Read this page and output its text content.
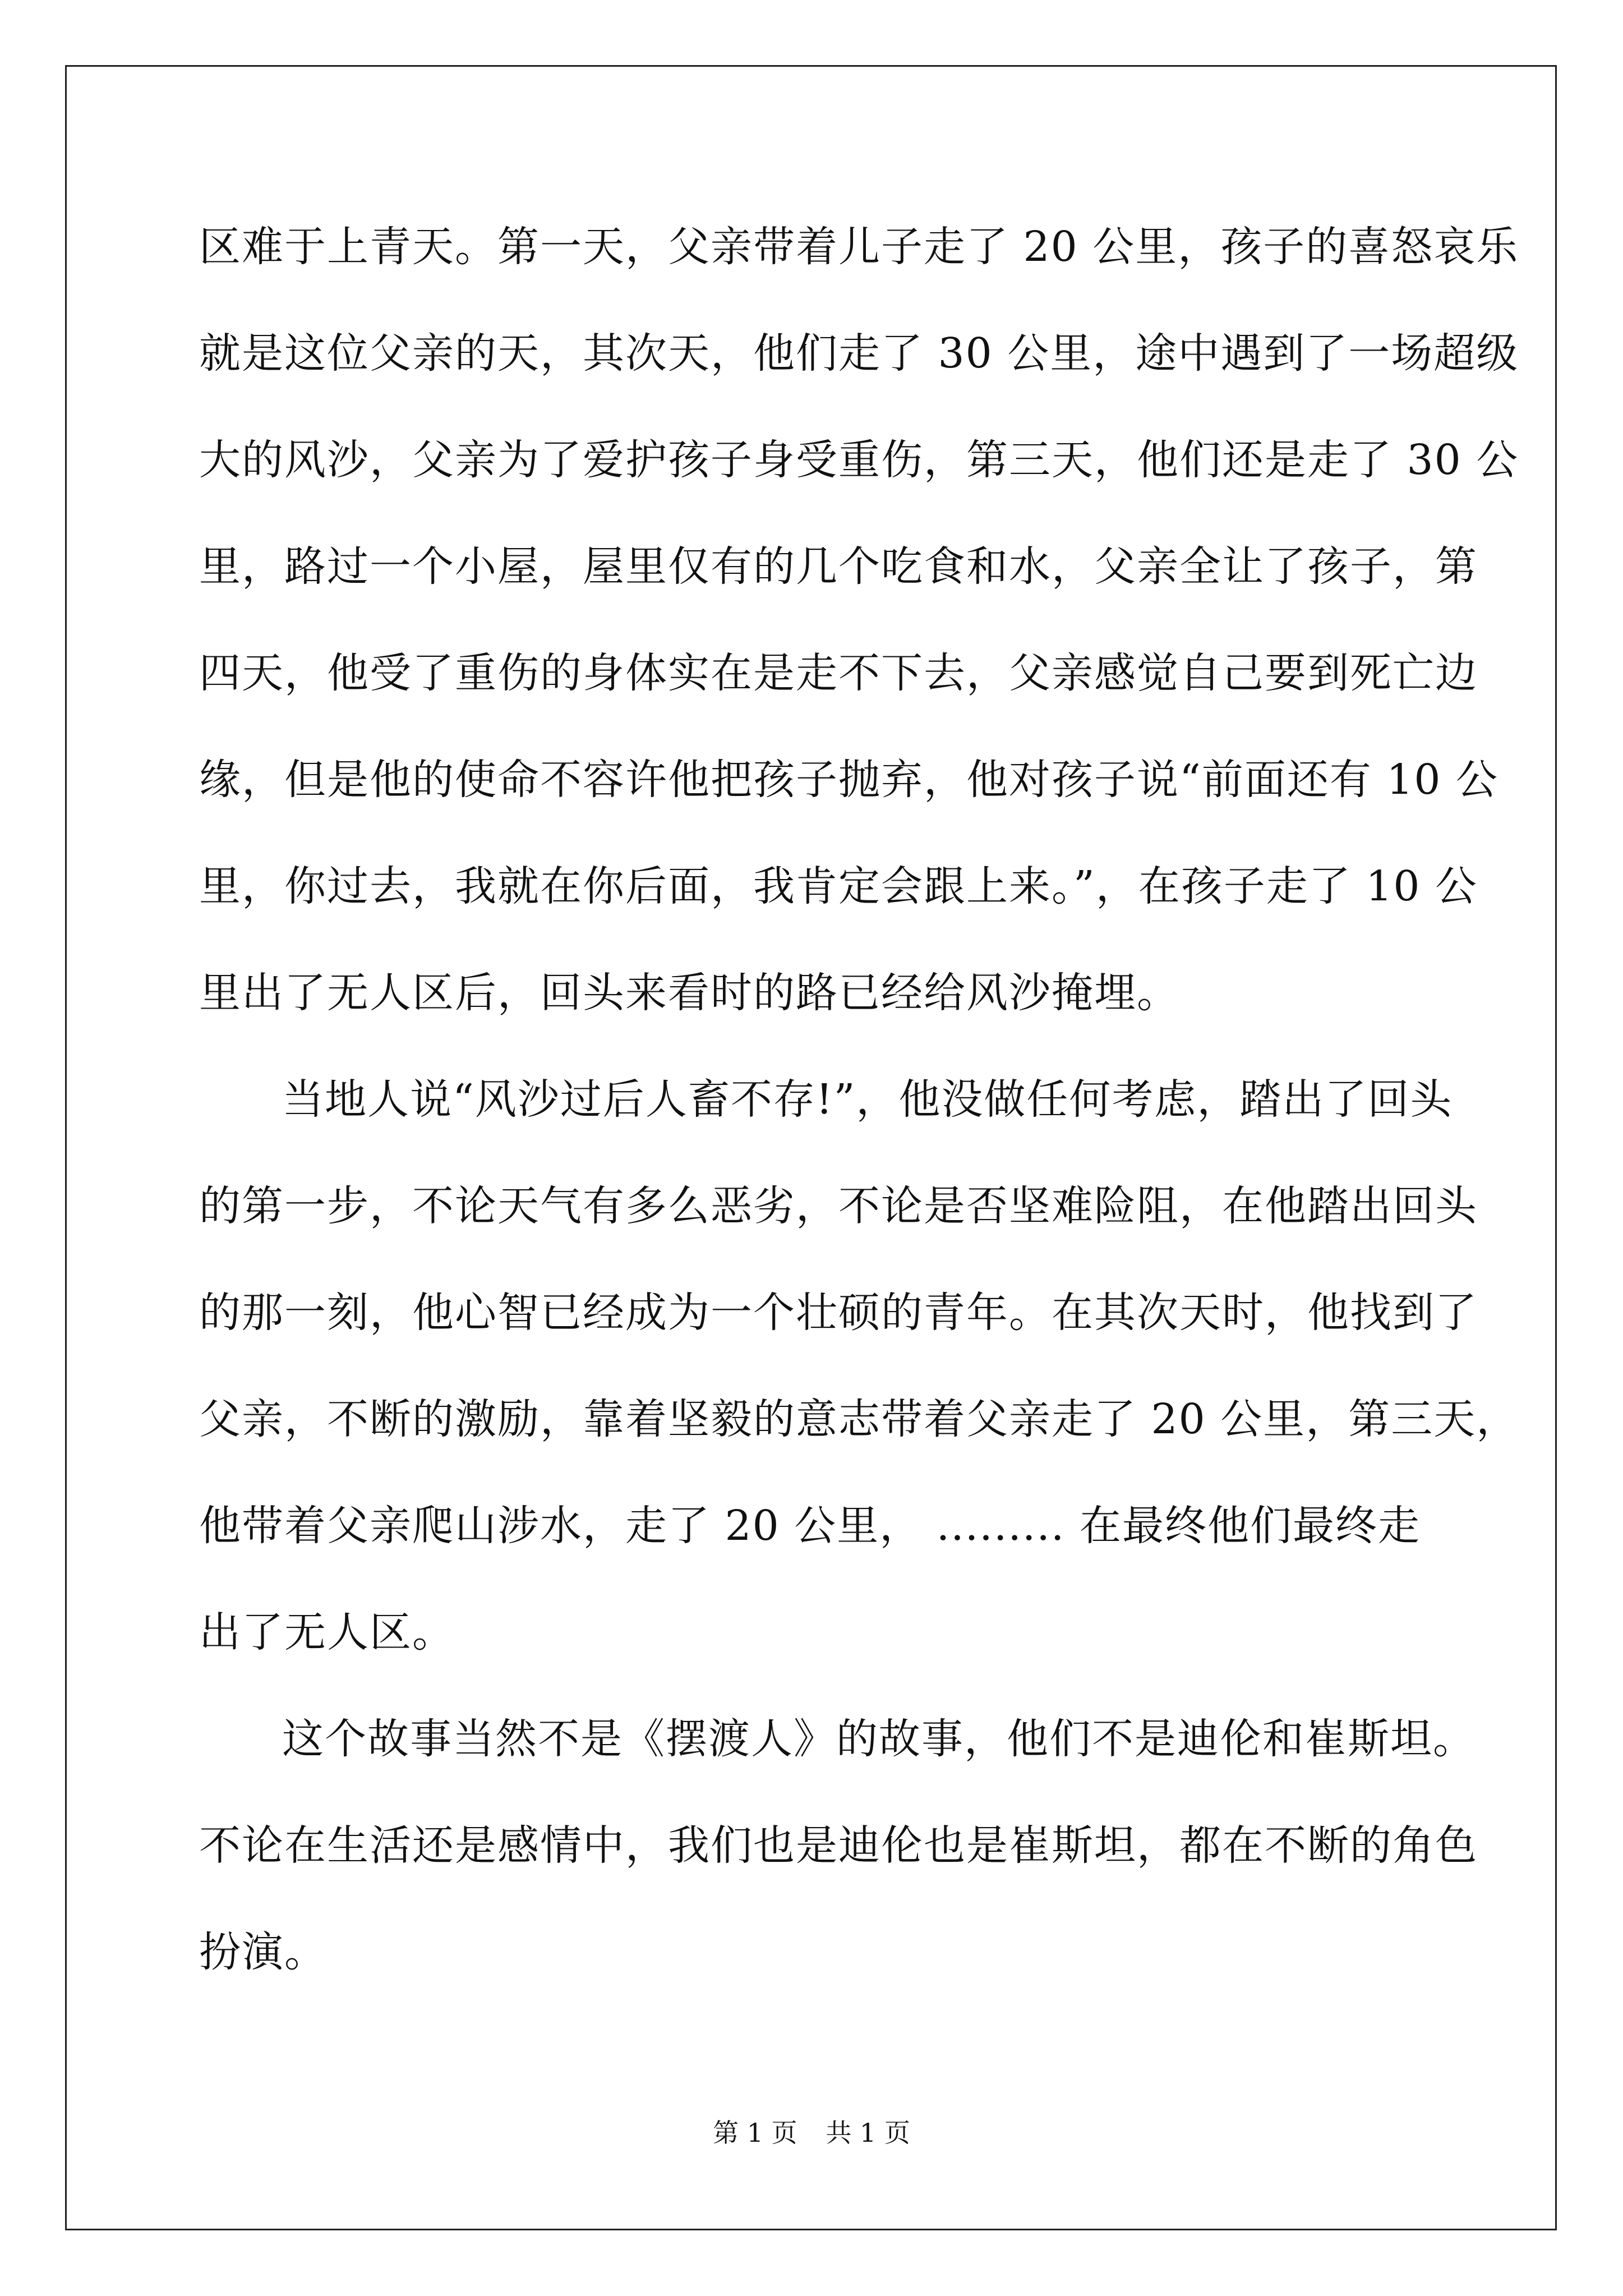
区难于上青天。第一天，父亲带着儿子走了 20 公里，孩子的喜怒哀乐
就是这位父亲的天，其次天，他们走了 30 公里，途中遇到了一场超级
大的风沙，父亲为了爱护孩子身受重伤，第三天，他们还是走了 30 公
里，路过一个小屋，屋里仅有的几个吃食和水，父亲全让了孩子，第
四天，他受了重伤的身体实在是走不下去，父亲感觉自己要到死亡边
缘，但是他的使命不容许他把孩子抛弃，他对孩子说“前面还有 10 公
里，你过去，我就在你后面，我肯定会跟上来。”，在孩子走了 10 公
里出了无人区后，回头来看时的路已经给风沙掩埋。
当地人说“风沙过后人畜不存!”，他没做任何考虑，踏出了回头
的第一步，不论天气有多么恶劣，不论是否坚难险阻，在他踏出回头
的那一刻，他心智已经成为一个壮硕的青年。在其次天时，他找到了
父亲，不断的激励，靠着坚毅的意志带着父亲走了 20 公里，第三天，
他带着父亲爬山涉水，走了 20 公里， ......... 在最终他们最终走
出了无人区。
这个故事当然不是《摆渡人》的故事，他们不是迪伦和崔斯坦。
不论在生活还是感情中，我们也是迪伦也是崔斯坦，都在不断的角色
扮演。
第 1 页 共 1 页
